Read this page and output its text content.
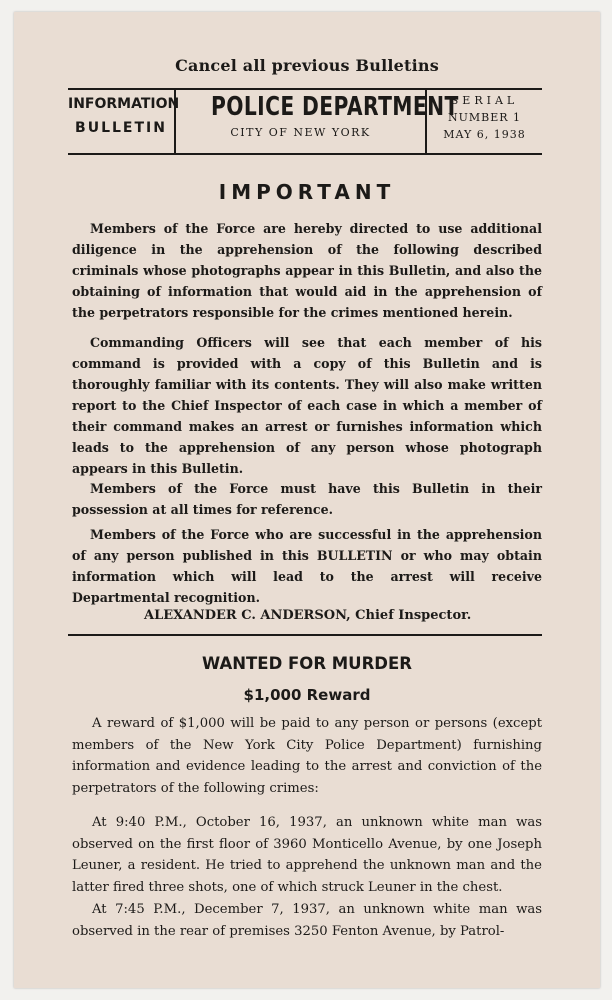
Cancel all previous Bulletins
INFORMATION
BULLETIN
POLICE DEPARTMENT
CITY OF NEW YORK
SERIAL
NUMBER 1
MAY 6, 1938
IMPORTANT
Members of the Force are hereby directed to use additional diligence in the apprehension of the following described criminals whose photographs appear in this Bulletin, and also the obtaining of information that would aid in the apprehension of the perpetrators responsible for the crimes mentioned herein.
Commanding Officers will see that each member of his command is provided with a copy of this Bulletin and is thoroughly familiar with its contents. They will also make written report to the Chief Inspector of each case in which a member of their command makes an arrest or furnishes information which leads to the apprehension of any person whose photograph appears in this Bulletin.
Members of the Force must have this Bulletin in their possession at all times for reference.
Members of the Force who are successful in the apprehension of any person published in this BULLETIN or who may obtain information which will lead to the arrest will receive Departmental recognition.
ALEXANDER C. ANDERSON, Chief Inspector.
WANTED FOR MURDER
$1,000 Reward
A reward of $1,000 will be paid to any person or persons (except members of the New York City Police Department) furnishing information and evidence leading to the arrest and conviction of the perpetrators of the following crimes:
At 9:40 P.M., October 16, 1937, an unknown white man was observed on the first floor of 3960 Monticello Avenue, by one Joseph Leuner, a resident. He tried to apprehend the unknown man and the latter fired three shots, one of which struck Leuner in the chest.
At 7:45 P.M., December 7, 1937, an unknown white man was observed in the rear of premises 3250 Fenton Avenue, by Patrol-
